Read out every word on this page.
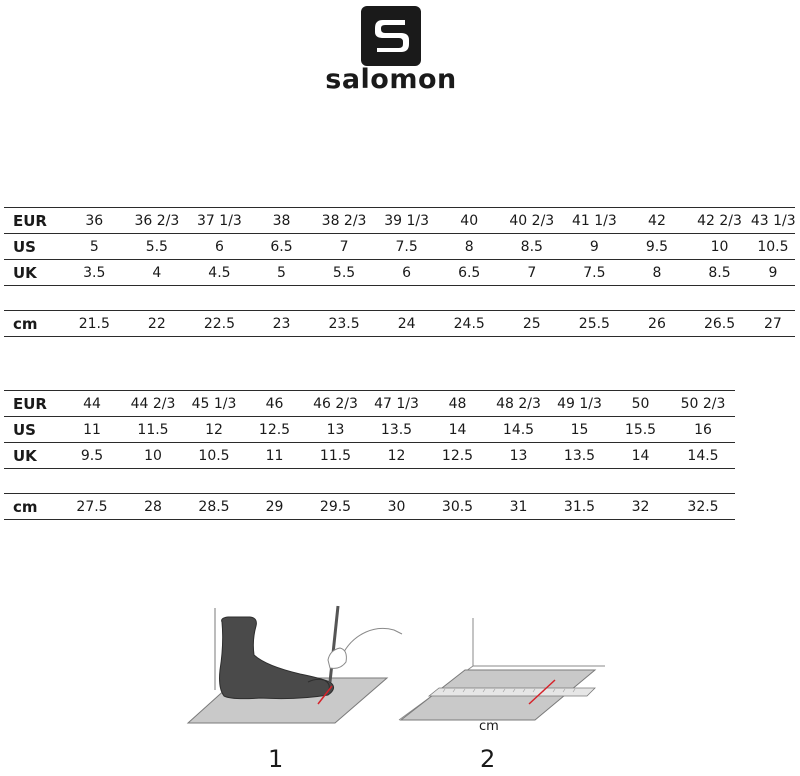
salomon
EUR	36	36 2/3	37 1/3	38	38 2/3	39 1/3	40	40 2/3	41 1/3	42	42 2/3	43 1/3
US	5	5.5	6	6.5	7	7.5	8	8.5	9	9.5	10	10.5
UK	3.5	4	4.5	5	5.5	6	6.5	7	7.5	8	8.5	9

cm	21.5	22	22.5	23	23.5	24	24.5	25	25.5	26	26.5	27
EUR	44	44 2/3	45 1/3	46	46 2/3	47 1/3	48	48 2/3	49 1/3	50	50 2/3
US	11	11.5	12	12.5	13	13.5	14	14.5	15	15.5	16
UK	9.5	10	10.5	11	11.5	12	12.5	13	13.5	14	14.5

cm	27.5	28	28.5	29	29.5	30	30.5	31	31.5	32	32.5
1
cm
2
